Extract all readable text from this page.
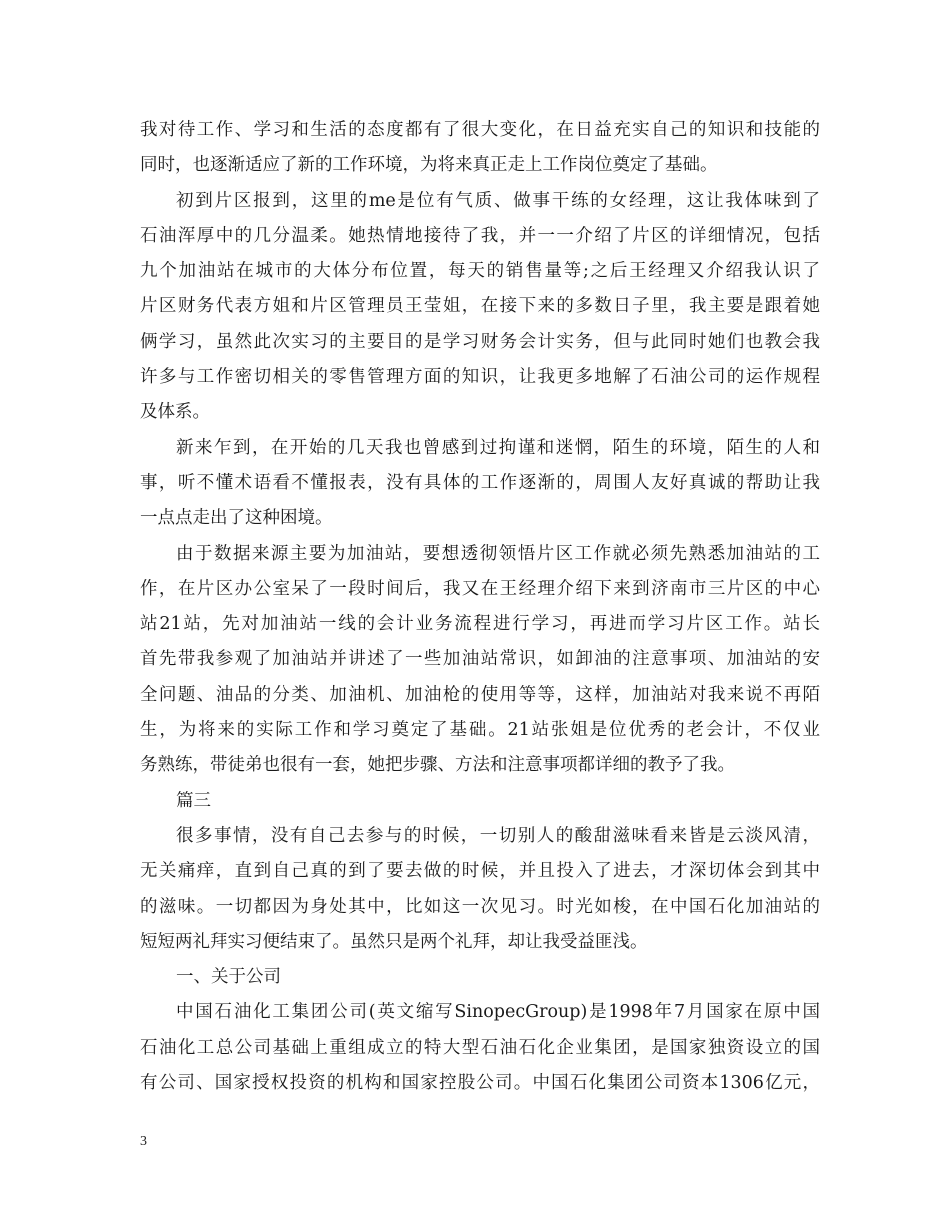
我对待工作、学习和生活的态度都有了很大变化，在日益充实自己的知识和技能的
同时，也逐渐适应了新的工作环境，为将来真正走上工作岗位奠定了基础。
初到片区报到，这里的me是位有气质、做事干练的女经理，这让我体味到了
石油浑厚中的几分温柔。她热情地接待了我，并一一介绍了片区的详细情况，包括
九个加油站在城市的大体分布位置，每天的销售量等;之后王经理又介绍我认识了
片区财务代表方姐和片区管理员王莹姐，在接下来的多数日子里，我主要是跟着她
俩学习，虽然此次实习的主要目的是学习财务会计实务，但与此同时她们也教会我
许多与工作密切相关的零售管理方面的知识，让我更多地解了石油公司的运作规程
及体系。
新来乍到，在开始的几天我也曾感到过拘谨和迷惘，陌生的环境，陌生的人和
事，听不懂术语看不懂报表，没有具体的工作逐渐的，周围人友好真诚的帮助让我
一点点走出了这种困境。
由于数据来源主要为加油站，要想透彻领悟片区工作就必须先熟悉加油站的工
作，在片区办公室呆了一段时间后，我又在王经理介绍下来到济南市三片区的中心
站21站，先对加油站一线的会计业务流程进行学习，再进而学习片区工作。站长
首先带我参观了加油站并讲述了一些加油站常识，如卸油的注意事项、加油站的安
全问题、油品的分类、加油机、加油枪的使用等等，这样，加油站对我来说不再陌
生，为将来的实际工作和学习奠定了基础。21站张姐是位优秀的老会计，不仅业
务熟练，带徒弟也很有一套，她把步骤、方法和注意事项都详细的教予了我。
篇三
很多事情，没有自己去参与的时候，一切别人的酸甜滋味看来皆是云淡风清，
无关痛痒，直到自己真的到了要去做的时候，并且投入了进去，才深切体会到其中
的滋味。一切都因为身处其中，比如这一次见习。时光如梭，在中国石化加油站的
短短两礼拜实习便结束了。虽然只是两个礼拜，却让我受益匪浅。
一、关于公司
中国石油化工集团公司(英文缩写SinopecGroup)是1998年7月国家在原中国
石油化工总公司基础上重组成立的特大型石油石化企业集团，是国家独资设立的国
有公司、国家授权投资的机构和国家控股公司。中国石化集团公司资本1306亿元，
3
